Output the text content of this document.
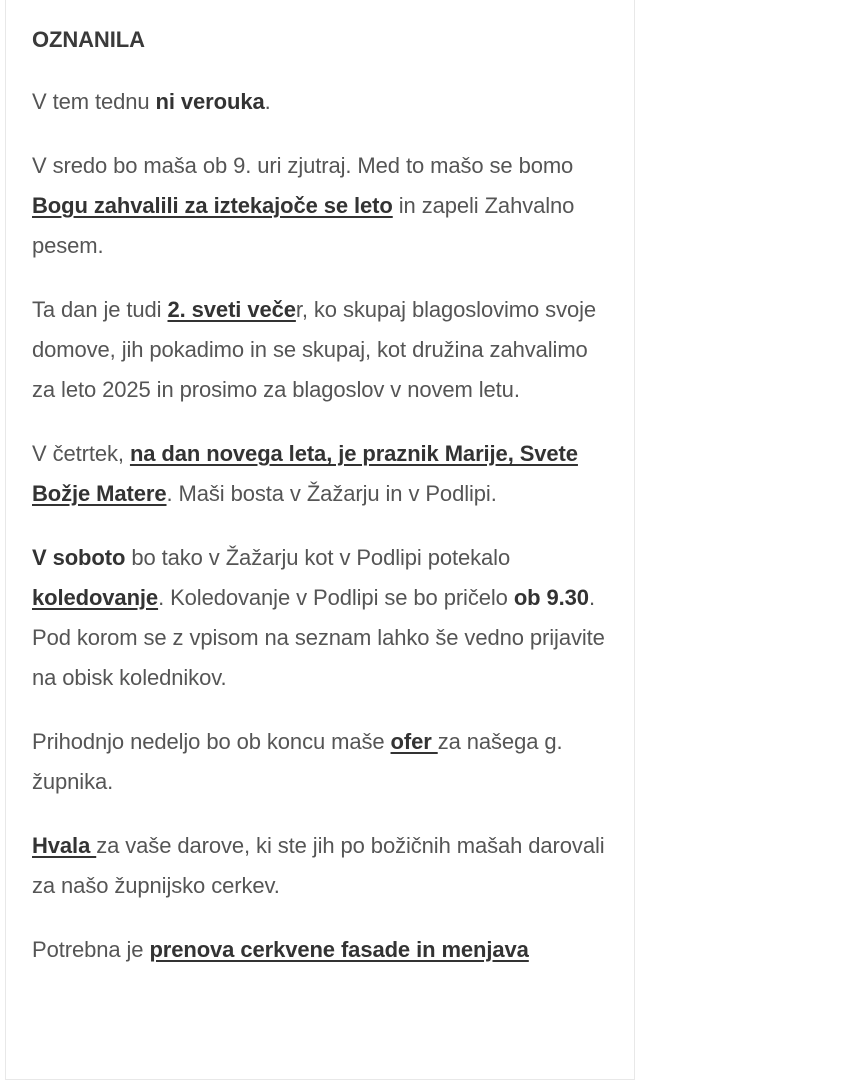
OZNANILA

V tem tednu ni verouka.

V sredo bo maša ob 9. uri zjutraj. Med to mašo se bomo Bogu zahvalili za iztekajoče se leto in zapeli Zahvalno pesem.

Ta dan je tudi 2. sveti večer, ko skupaj blagoslovimo svoje domove, jih pokadimo in se skupaj, kot družina zahvalimo za leto 2025 in prosimo za blagoslov v novem letu.

V četrtek, na dan novega leta, je praznik Marije, Svete Božje Matere. Maši bosta v Žažarju in v Podlipi.

V soboto bo tako v Žažarju kot v Podlipi potekalo koledovanje. Koledovanje v Podlipi se bo pričelo ob 9.30. Pod korom se z vpisom na seznam lahko še vedno prijavite na obisk kolednikov.

Prihodnjo nedeljo bo ob koncu maše ofer za našega g. župnika.

Hvala za vaše darove, ki ste jih po božičnih mašah darovali za našo župnijsko cerkev.

Potrebna je prenova cerkvene fasade in menjava
